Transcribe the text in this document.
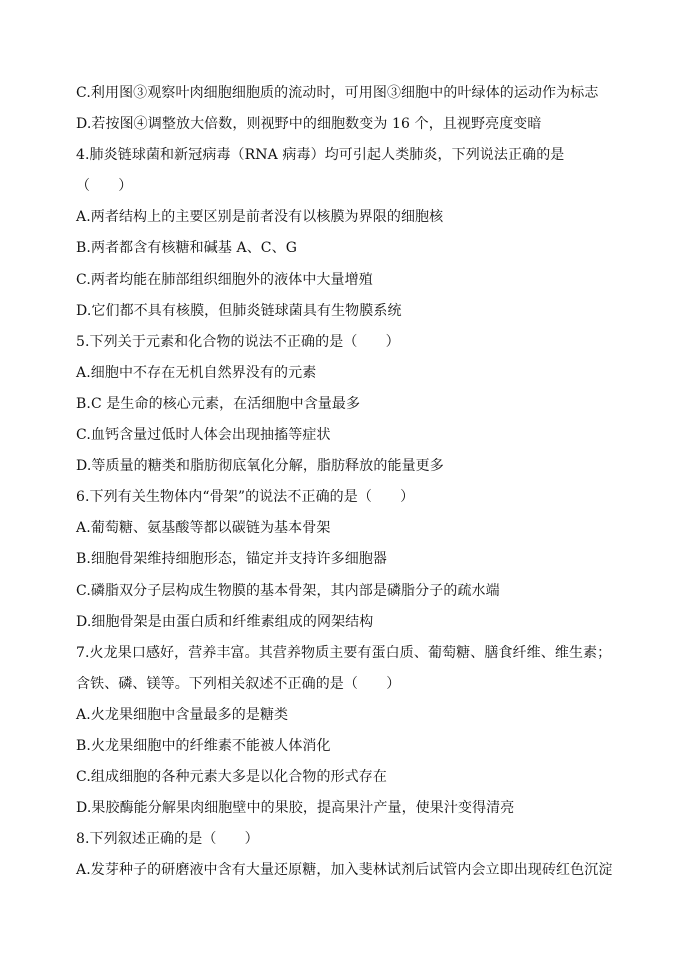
C.利用图③观察叶肉细胞细胞质的流动时，可用图③细胞中的叶绿体的运动作为标志
D.若按图④调整放大倍数，则视野中的细胞数变为 16 个，且视野亮度变暗
4.肺炎链球菌和新冠病毒（RNA 病毒）均可引起人类肺炎，下列说法正确的是
（　　）
A.两者结构上的主要区别是前者没有以核膜为界限的细胞核
B.两者都含有核糖和碱基 A、C、G
C.两者均能在肺部组织细胞外的液体中大量增殖
D.它们都不具有核膜，但肺炎链球菌具有生物膜系统
5.下列关于元素和化合物的说法不正确的是（　　）
A.细胞中不存在无机自然界没有的元素
B.C 是生命的核心元素，在活细胞中含量最多
C.血钙含量过低时人体会出现抽搐等症状
D.等质量的糖类和脂肪彻底氧化分解，脂肪释放的能量更多
6.下列有关生物体内“骨架”的说法不正确的是（　　）
A.葡萄糖、氨基酸等都以碳链为基本骨架
B.细胞骨架维持细胞形态，锚定并支持许多细胞器
C.磷脂双分子层构成生物膜的基本骨架，其内部是磷脂分子的疏水端
D.细胞骨架是由蛋白质和纤维素组成的网架结构
7.火龙果口感好，营养丰富。其营养物质主要有蛋白质、葡萄糖、膳食纤维、维生素；
含铁、磷、镁等。下列相关叙述不正确的是（　　）
A.火龙果细胞中含量最多的是糖类
B.火龙果细胞中的纤维素不能被人体消化
C.组成细胞的各种元素大多是以化合物的形式存在
D.果胶酶能分解果肉细胞壁中的果胶，提高果汁产量，使果汁变得清亮
8.下列叙述正确的是（　　）
A.发芽种子的研磨液中含有大量还原糖，加入斐林试剂后试管内会立即出现砖红色沉淀
